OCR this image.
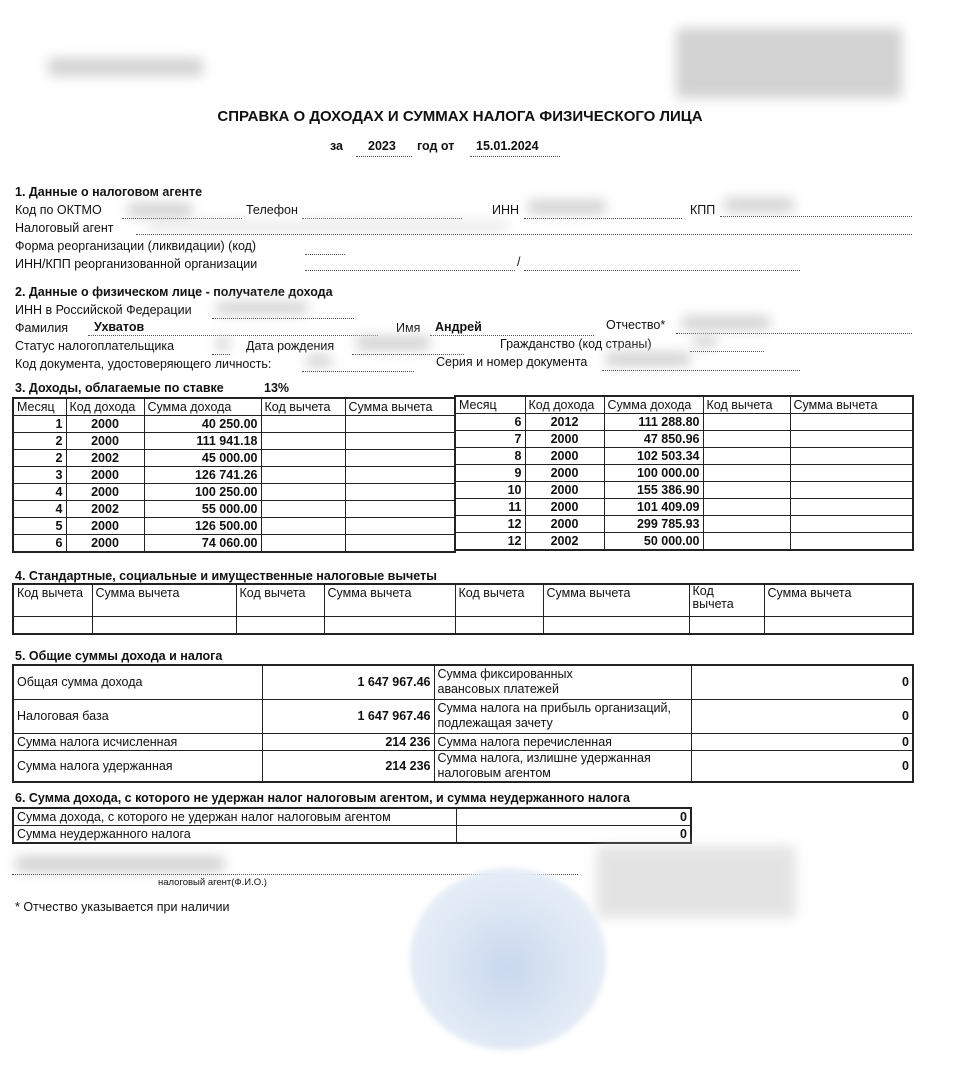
СПРАВКА О ДОХОДАХ И СУММАХ НАЛОГА ФИЗИЧЕСКОГО ЛИЦА
за 2023 год от 15.01.2024
1. Данные о налоговом агенте
Код по ОКТМО	Телефон	ИНН	КПП
Налоговый агент
Форма реорганизации (ликвидации) (код)
ИНН/КПП реорганизованной организации	/
2. Данные о физическом лице - получателе дохода
ИНН в Российской Федерации
Фамилия Ухватов	Имя Андрей	Отчество*
Статус налогоплательщика	Дата рождения	Гражданство (код страны)
Код документа, удостоверяющего личность:	Серия и номер документа
3. Доходы, облагаемые по ставке	13%
Месяц	Код дохода	Сумма дохода	Код вычета	Сумма вычета
1	2000	40 250.00		
2	2000	111 941.18		
2	2002	45 000.00		
3	2000	126 741.26		
4	2000	100 250.00		
4	2002	55 000.00		
5	2000	126 500.00		
6	2000	74 060.00		
Месяц	Код дохода	Сумма дохода	Код вычета	Сумма вычета
6	2012	111 288.80		
7	2000	47 850.96		
8	2000	102 503.34		
9	2000	100 000.00		
10	2000	155 386.90		
11	2000	101 409.09		
12	2000	299 785.93		
12	2002	50 000.00		
4. Стандартные, социальные и имущественные налоговые вычеты
Код вычета	Сумма вычета	Код вычета	Сумма вычета	Код вычета	Сумма вычета	Код
вычета	Сумма вычета

5. Общие суммы дохода и налога
Общая сумма дохода	1 647 967.46	Сумма фиксированных
авансовых платежей	0
Налоговая база	1 647 967.46	Сумма налога на прибыль организаций,
подлежащая зачету	0
Сумма налога исчисленная	214 236	Сумма налога перечисленная	0
Сумма налога удержанная	214 236	Сумма налога, излишне удержанная
налоговым агентом	0
6. Сумма дохода, с которого не удержан налог налоговым агентом, и сумма неудержанного налога
Сумма дохода, с которого не удержан налог налоговым агентом	0
Сумма неудержанного налога	0
налоговый агент(Ф.И.О.)
* Отчество указывается при наличии
